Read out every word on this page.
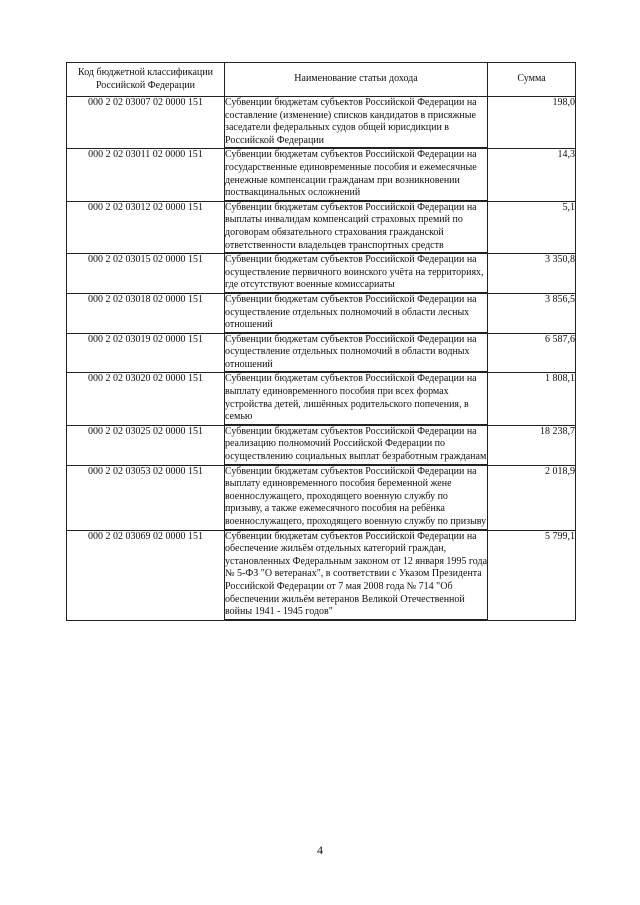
Код бюджетной классификации Российской Федерации	Наименование статьи дохода	Сумма
000 2 02 03007 02 0000 151	Субвенции бюджетам субъектов Российской Федерации на составление (изменение) списков кандидатов в присяжные заседатели федеральных судов общей юрисдикции в Российской Федерации	198,0
000 2 02 03011 02 0000 151	Субвенции бюджетам субъектов Российской Федерации на государственные единовременные пособия и ежемесячные денежные компенсации гражданам при возникновении поствакцинальных осложнений	14,3
000 2 02 03012 02 0000 151	Субвенции бюджетам субъектов Российской Федерации на выплаты инвалидам компенсаций страховых премий по договорам обязательного страхования гражданской ответственности владельцев транспортных средств	5,1
000 2 02 03015 02 0000 151	Субвенции бюджетам субъектов Российской Федерации на осуществление первичного воинского учёта на территориях, где отсутствуют военные комиссариаты	3 350,8
000 2 02 03018 02 0000 151	Субвенции бюджетам субъектов Российской Федерации на осуществление отдельных полномочий в области лесных отношений	3 856,5
000 2 02 03019 02 0000 151	Субвенции бюджетам субъектов Российской Федерации на осуществление отдельных полномочий в области водных отношений	6 587,6
000 2 02 03020 02 0000 151	Субвенции бюджетам субъектов Российской Федерации на выплату единовременного пособия при всех формах устройства детей, лишённых родительского попечения, в семью	1 808,1
000 2 02 03025 02 0000 151	Субвенции бюджетам субъектов Российской Федерации на реализацию полномочий Российской Федерации по осуществлению социальных выплат безработным гражданам	18 238,7
000 2 02 03053 02 0000 151	Субвенции бюджетам субъектов Российской Федерации на выплату единовременного пособия беременной жене военнослужащего, проходящего военную службу по призыву, а также ежемесячного пособия на ребёнка военнослужащего, проходящего военную службу по призыву	2 018,9
000 2 02 03069 02 0000 151	Субвенции бюджетам субъектов Российской Федерации на обеспечение жильём отдельных категорий граждан, установленных Федеральным законом от 12 января 1995 года № 5-ФЗ "О ветеранах", в соответствии с Указом Президента Российской Федерации от 7 мая 2008 года № 714 "Об обеспечении жильём ветеранов Великой Отечественной войны 1941 - 1945 годов"	5 799,1
4
